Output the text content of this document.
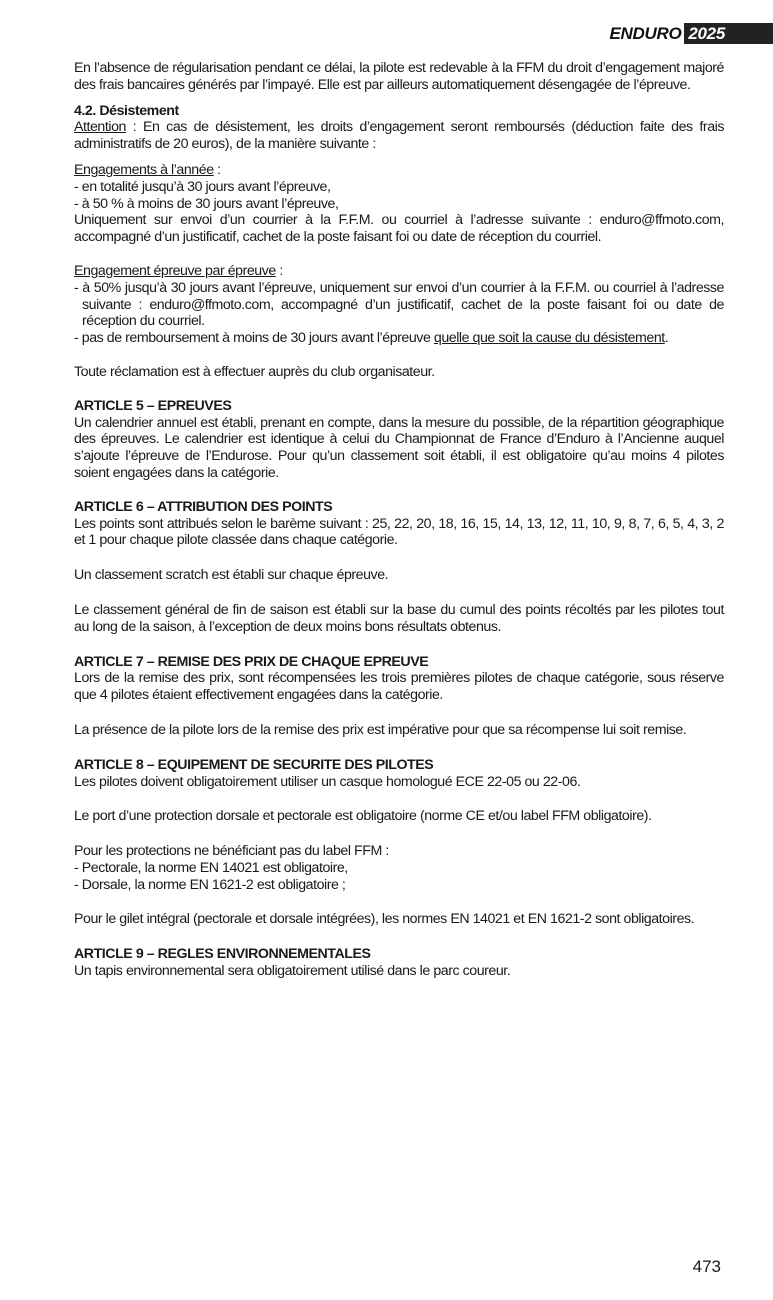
ENDURO 2025

En l’absence de régularisation pendant ce délai, la pilote est redevable à la FFM du droit d’engagement majoré des frais bancaires générés par l’impayé. Elle est par ailleurs automatiquement désengagée de l’épreuve.

4.2. Désistement

Attention : En cas de désistement, les droits d’engagement seront remboursés (déduction faite des frais administratifs de 20 euros), de la manière suivante :

Engagements à l’année :

- en totalité jusqu’à 30 jours avant l’épreuve,

- à 50 % à moins de 30 jours avant l’épreuve,

Uniquement sur envoi d’un courrier à la F.F.M. ou courriel à l’adresse suivante : enduro@ffmoto.com, accompagné d’un justificatif, cachet de la poste faisant foi ou date de réception du courriel.

Engagement épreuve par épreuve :

- à 50% jusqu’à 30 jours avant l’épreuve, uniquement sur envoi d’un courrier à la F.F.M. ou courriel à l’adresse suivante : enduro@ffmoto.com, accompagné d’un justificatif, cachet de la poste faisant foi ou date de réception du courriel.

- pas de remboursement à moins de 30 jours avant l’épreuve quelle que soit la cause du désistement.

Toute réclamation est à effectuer auprès du club organisateur.

ARTICLE 5 – EPREUVES

Un calendrier annuel est établi, prenant en compte, dans la mesure du possible, de la répartition géographique des épreuves. Le calendrier est identique à celui du Championnat de France d’Enduro à l’Ancienne auquel s’ajoute l’épreuve de l’Endurose. Pour qu’un classement soit établi, il est obligatoire qu’au moins 4 pilotes soient engagées dans la catégorie.

ARTICLE 6 – ATTRIBUTION DES POINTS

Les points sont attribués selon le barème suivant : 25, 22, 20, 18, 16, 15, 14, 13, 12, 11, 10, 9, 8, 7, 6, 5, 4, 3, 2 et 1 pour chaque pilote classée dans chaque catégorie.

Un classement scratch est établi sur chaque épreuve.

Le classement général de fin de saison est établi sur la base du cumul des points récoltés par les pilotes tout au long de la saison, à l’exception de deux moins bons résultats obtenus.

ARTICLE 7 – REMISE DES PRIX DE CHAQUE EPREUVE

Lors de la remise des prix, sont récompensées les trois premières pilotes de chaque catégorie, sous réserve que 4 pilotes étaient effectivement engagées dans la catégorie.

La présence de la pilote lors de la remise des prix est impérative pour que sa récompense lui soit remise.

ARTICLE 8 – EQUIPEMENT DE SECURITE DES PILOTES

Les pilotes doivent obligatoirement utiliser un casque homologué ECE 22-05 ou 22-06.

Le port d’une protection dorsale et pectorale est obligatoire (norme CE et/ou label FFM obligatoire).

Pour les protections ne bénéficiant pas du label FFM :

- Pectorale, la norme EN 14021 est obligatoire,

- Dorsale, la norme EN 1621-2 est obligatoire ;

Pour le gilet intégral (pectorale et dorsale intégrées), les normes EN 14021 et EN 1621-2 sont obligatoires.

ARTICLE 9 – REGLES ENVIRONNEMENTALES

Un tapis environnemental sera obligatoirement utilisé dans le parc coureur.

473
